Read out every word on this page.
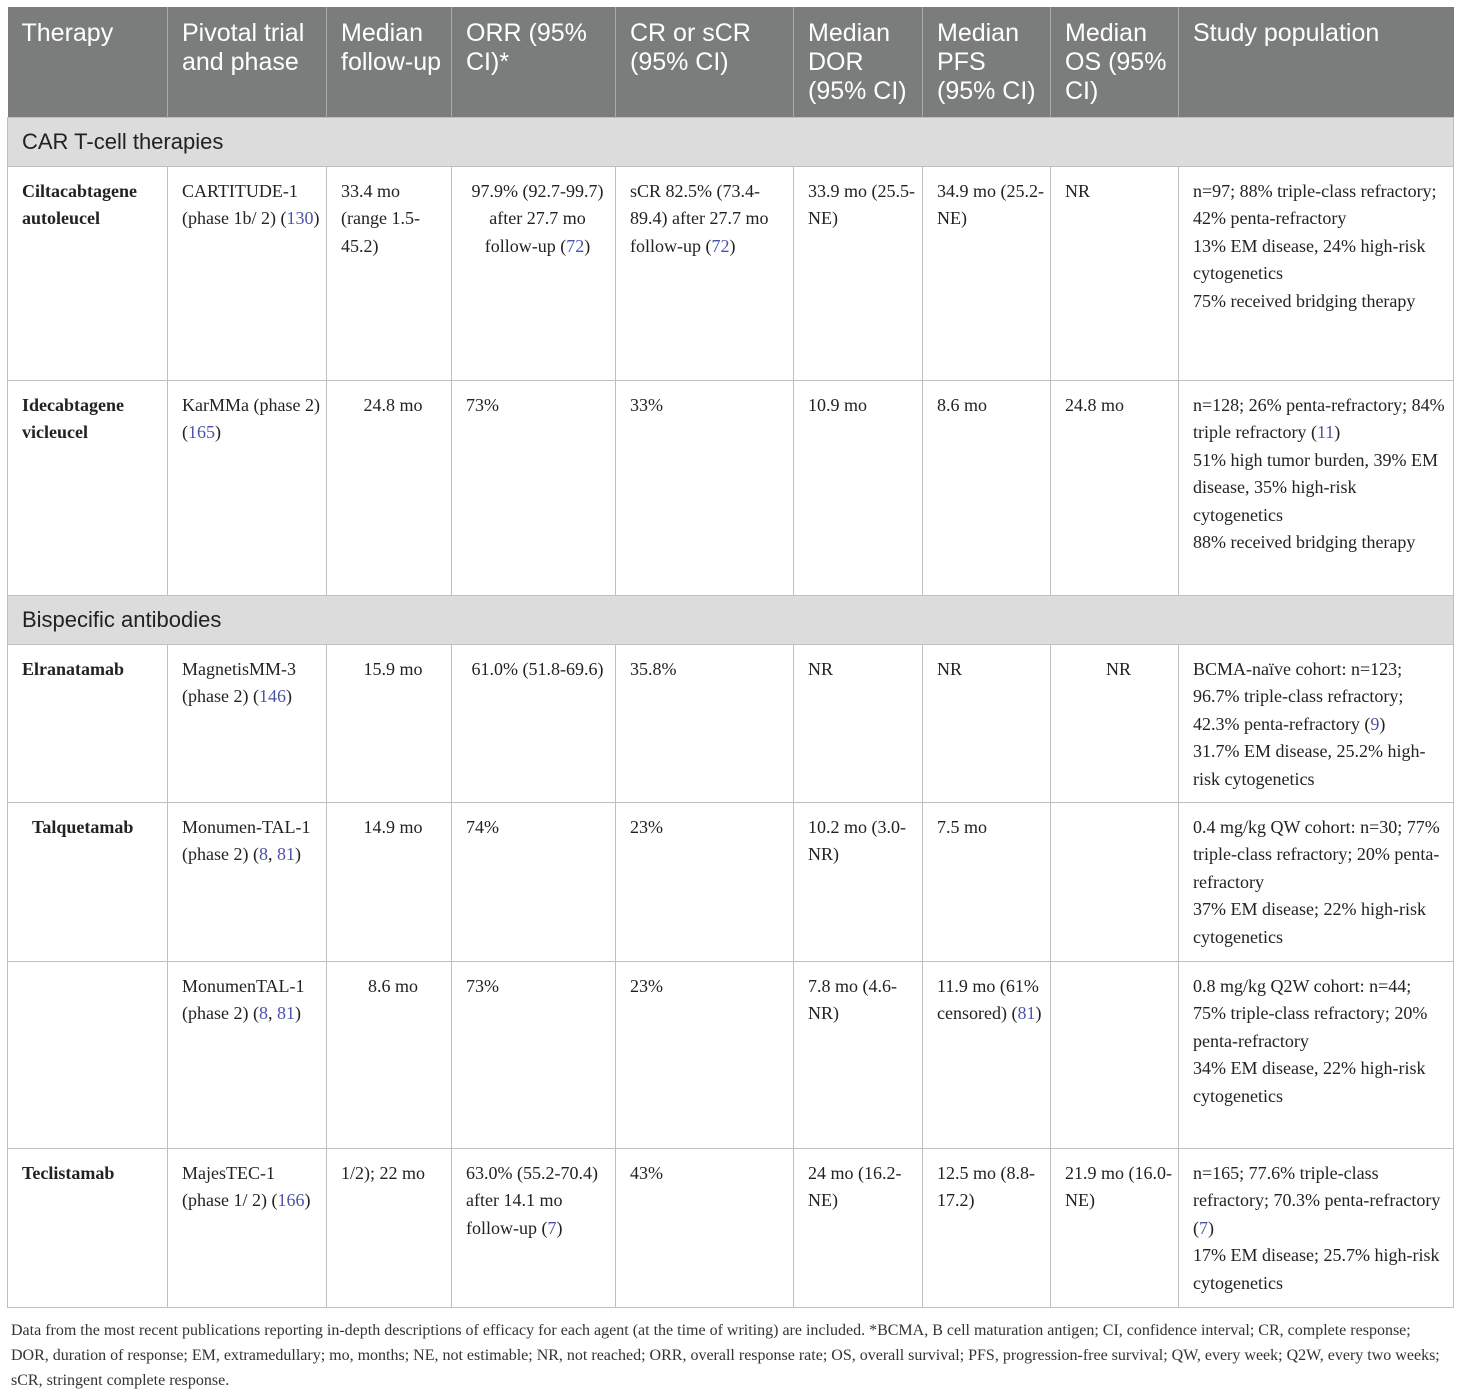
Therapy	Pivotal trial and phase	Median follow-up	ORR (95% CI)*	CR or sCR (95% CI)	Median DOR (95% CI)	Median PFS (95% CI)	Median OS (95% CI)	Study population
CAR T-cell therapies								
Ciltacabtagene autoleucel	CARTITUDE-1 (phase 1b/ 2) (130)	33.4 mo (range 1.5-45.2)	97.9% (92.7-99.7) after 27.7 mo follow-up (72)	sCR 82.5% (73.4-89.4) after 27.7 mo follow-up (72)	33.9 mo (25.5-NE)	34.9 mo (25.2-NE)	NR	n=97; 88% triple-class refractory; 42% penta-refractory
13% EM disease, 24% high-risk cytogenetics
75% received bridging therapy

Idecabtagene vicleucel	KarMMa (phase 2) (165)	24.8 mo	73%	33%	10.9 mo	8.6 mo	24.8 mo	n=128; 26% penta-refractory; 84% triple refractory (11)
51% high tumor burden, 39% EM disease, 35% high-risk cytogenetics
88% received bridging therapy

Bispecific antibodies								
Elranatamab	MagnetisMM-3 (phase 2) (146)	15.9 mo	61.0% (51.8-69.6)	35.8%	NR	NR	NR	BCMA-naïve cohort: n=123; 96.7% triple-class refractory; 42.3% penta-refractory (9)
31.7% EM disease, 25.2% high-risk cytogenetics

Talquetamab	Monumen-TAL-1 (phase 2) (8, 81)	14.9 mo	74%	23%	10.2 mo (3.0-NR)	7.5 mo		0.4 mg/kg QW cohort: n=30; 77% triple-class refractory; 20% penta-refractory
37% EM disease; 22% high-risk cytogenetics

	MonumenTAL-1 (phase 2) (8, 81)	8.6 mo	73%	23%	7.8 mo (4.6-NR)	11.9 mo (61% censored) (81)		0.8 mg/kg Q2W cohort: n=44; 75% triple-class refractory; 20% penta-refractory
34% EM disease, 22% high-risk cytogenetics

Teclistamab	MajesTEC-1 (phase 1/ 2) (166)	1/2); 22 mo	63.0% (55.2-70.4) after 14.1 mo follow-up (7)	43%	24 mo (16.2-NE)	12.5 mo (8.8-17.2)	21.9 mo (16.0-NE)	n=165; 77.6% triple-class refractory; 70.3% penta-refractory (7)
17% EM disease; 25.7% high-risk cytogenetics
Data from the most recent publications reporting in-depth descriptions of efficacy for each agent (at the time of writing) are included. *BCMA, B cell maturation antigen; CI, confidence interval; CR, complete response; DOR, duration of response; EM, extramedullary; mo, months; NE, not estimable; NR, not reached; ORR, overall response rate; OS, overall survival; PFS, progression-free survival; QW, every week; Q2W, every two weeks; sCR, stringent complete response.
